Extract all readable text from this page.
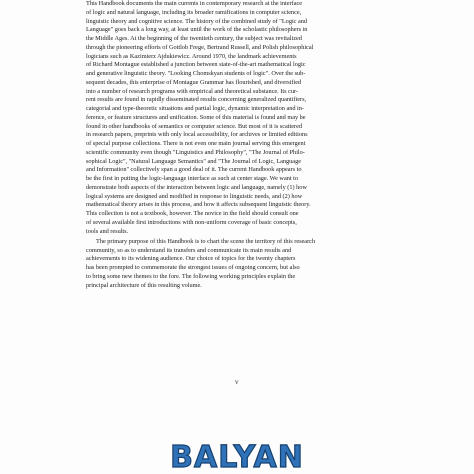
This Handbook documents the main currents in contemporary research at the interface
of logic and natural language, including its broader ramifications in computer science,
linguistic theory and cognitive science. The history of the combined study of "Logic and
Language" goes back a long way, at least until the work of the scholastic philosophers in
the Middle Ages. At the beginning of the twentieth century, the subject was revitalized
through the pioneering efforts of Gottlob Frege, Bertrand Russell, and Polish philosophical
logicians such as Kazimierz Ajdukiewicz. Around 1970, the landmark achievements
of Richard Montague established a junction between state-of-the-art mathematical logic
and generative linguistic theory. "Looking Chomskyan students of logic". Over the sub-
sequent decades, this enterprise of Montague Grammar has flourished, and diversified
into a number of research programs with empirical and theoretical substance. Its cur-
rent results are found in rapidly disseminated results concerning generalized quantifiers,
categorial and type-theoretic situations and partial logic, dynamic interpretation and in-
ference, or feature structures and unification. Some of this material is found and may be
found in other handbooks of semantics or computer science. But most of it is scattered
in research papers, preprints with only local accessibility, for archives or limited editions
of special purpose collections. There is not even one main journal serving this emergent
scientific community even though "Linguistics and Philosophy", "The Journal of Philo-
sophical Logic", "Natural Language Semantics" and "The Journal of Logic, Language
and Information" collectively span a good deal of it. The current Handbook appears to
be the first in putting the logic-language interface as such at center stage. We want to
demonstrate both aspects of the interaction between logic and language, namely (1) how
logical systems are designed and modified in response to linguistic needs, and (2) how
mathematical theory arises in this process, and how it affects subsequent linguistic theory.
This collection is not a textbook, however. The novice in the field should consult one
of several available first introductions with non-uniform coverage of basic concepts,
tools and results.

The primary purpose of this Handbook is to chart the scene the territory of this research
community, so as to understand its transfers and communicate its main results and
achievements to its widening audience. Our choice of topics for the twenty chapters
has been prompted to commemorate the strongest issues of ongoing concern, but also
to bring some new themes to the fore. The following working principles explain the
principal architecture of this resulting volume.

v
BALYAN
